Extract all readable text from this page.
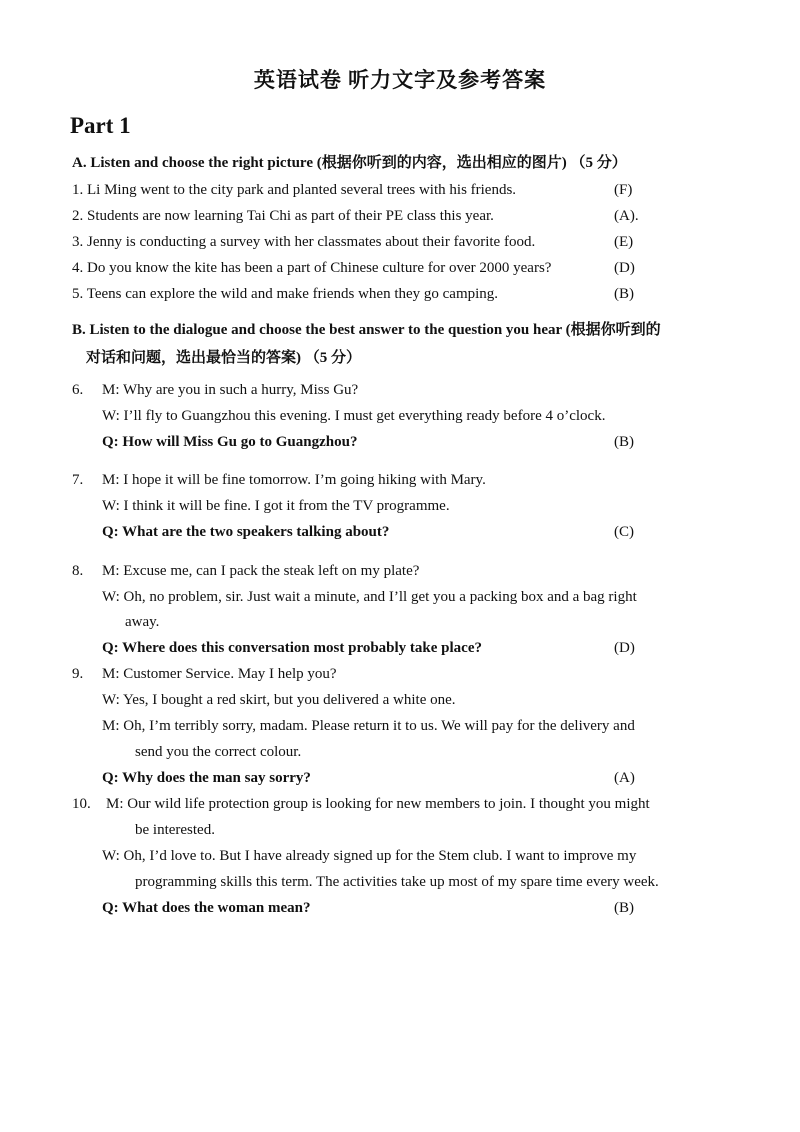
英语试卷 听力文字及参考答案
Part 1
A. Listen and choose the right picture (根据你听到的内容，选出相应的图片) （5 分）
1. Li Ming went to the city park and planted several trees with his friends.	(F)
2. Students are now learning Tai Chi as part of their PE class this year.	(A).
3. Jenny is conducting a survey with her classmates about their favorite food.	(E)
4. Do you know the kite has been a part of Chinese culture for over 2000 years?	(D)
5. Teens can explore the wild and make friends when they go camping.	(B)
B. Listen to the dialogue and choose the best answer to the question you hear (根据你听到的
对话和问题，选出最恰当的答案) （5 分）
6. M: Why are you in such a hurry, Miss Gu?
W: I’ll fly to Guangzhou this evening. I must get everything ready before 4 o’clock.
Q: How will Miss Gu go to Guangzhou?	(B)
7. M: I hope it will be fine tomorrow. I’m going hiking with Mary.
W: I think it will be fine. I got it from the TV programme.
Q: What are the two speakers talking about?	(C)
8. M: Excuse me, can I pack the steak left on my plate?
W: Oh, no problem, sir. Just wait a minute, and I’ll get you a packing box and a bag right
away.
Q: Where does this conversation most probably take place?	(D)
9. M: Customer Service. May I help you?
W: Yes, I bought a red skirt, but you delivered a white one.
M: Oh, I’m terribly sorry, madam. Please return it to us. We will pay for the delivery and
send you the correct colour.
Q: Why does the man say sorry?	(A)
10. M: Our wild life protection group is looking for new members to join. I thought you might
be interested.
W: Oh, I’d love to. But I have already signed up for the Stem club. I want to improve my
programming skills this term. The activities take up most of my spare time every week.
Q: What does the woman mean?	(B)
